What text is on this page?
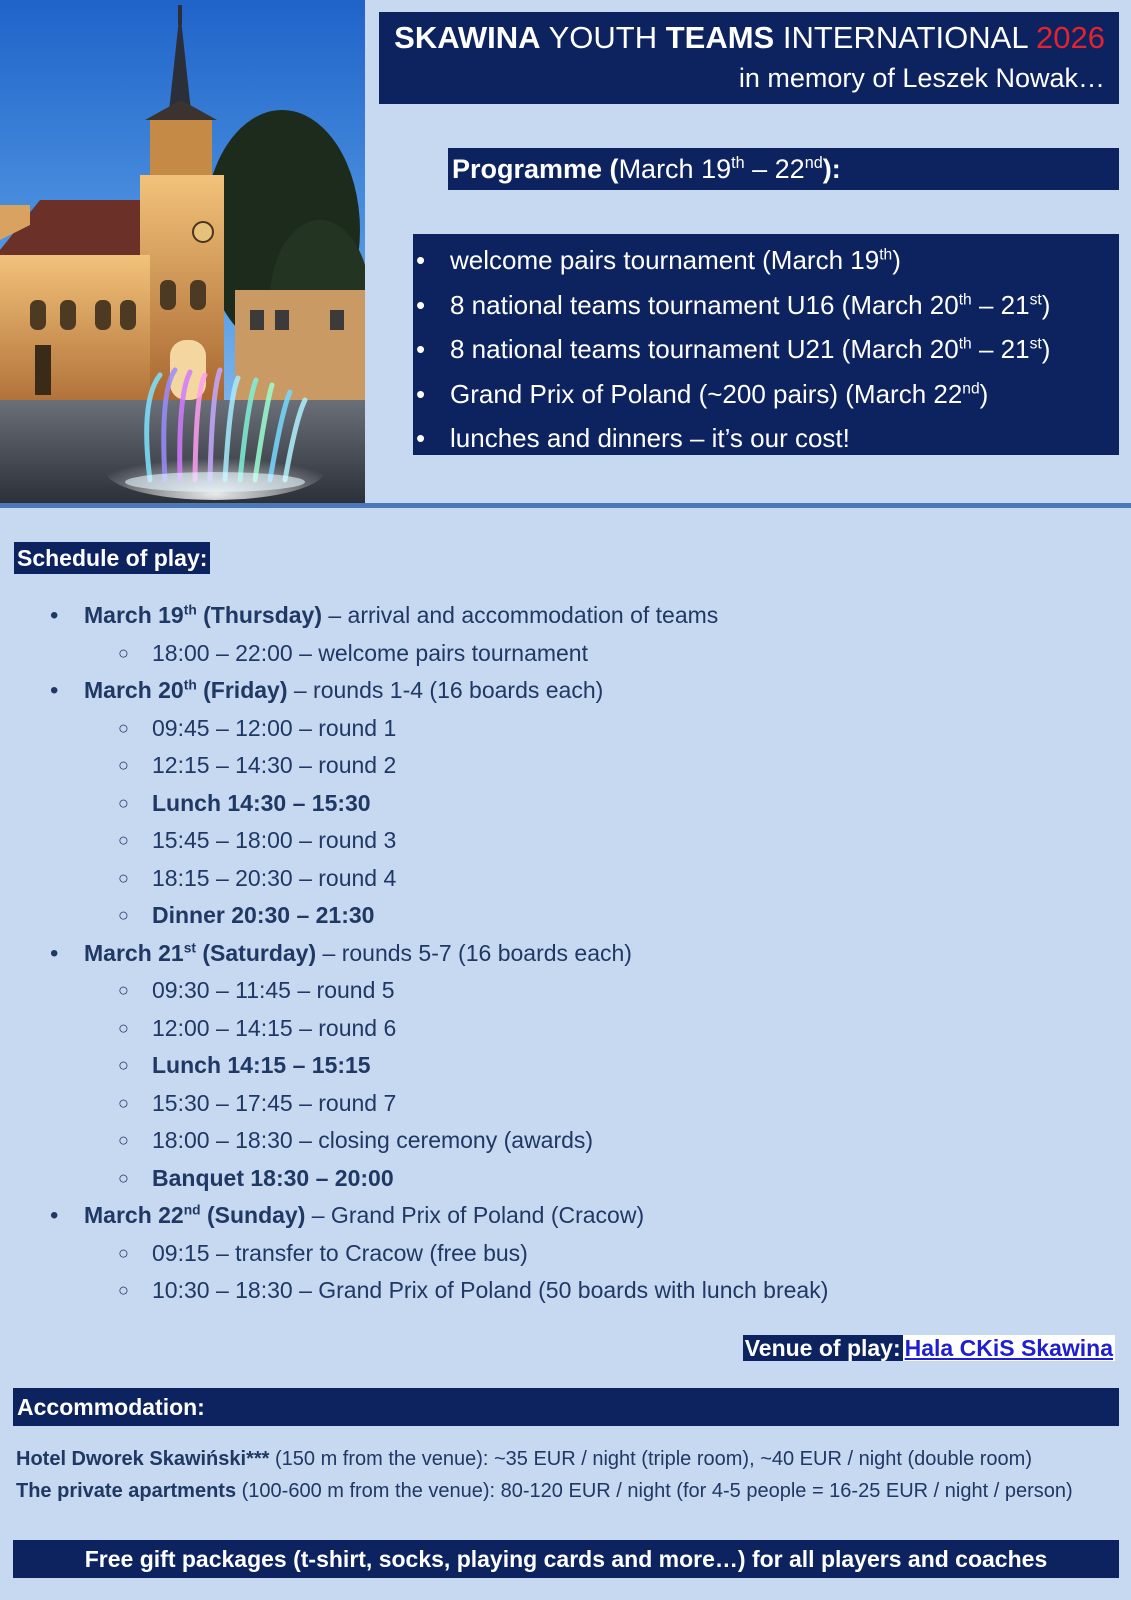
SKAWINA YOUTH TEAMS INTERNATIONAL 2026
in memory of Leszek Nowak…
Programme (March 19th – 22nd):
• welcome pairs tournament (March 19th)
• 8 national teams tournament U16 (March 20th – 21st)
• 8 national teams tournament U21 (March 20th – 21st)
• Grand Prix of Poland (~200 pairs) (March 22nd)
• lunches and dinners – it’s our cost!
Schedule of play:
• March 19th (Thursday) – arrival and accommodation of teams
○ 18:00 – 22:00 – welcome pairs tournament
• March 20th (Friday) – rounds 1-4 (16 boards each)
○ 09:45 – 12:00 – round 1
○ 12:15 – 14:30 – round 2
○ Lunch 14:30 – 15:30
○ 15:45 – 18:00 – round 3
○ 18:15 – 20:30 – round 4
○ Dinner 20:30 – 21:30
• March 21st (Saturday) – rounds 5-7 (16 boards each)
○ 09:30 – 11:45 – round 5
○ 12:00 – 14:15 – round 6
○ Lunch 14:15 – 15:15
○ 15:30 – 17:45 – round 7
○ 18:00 – 18:30 – closing ceremony (awards)
○ Banquet 18:30 – 20:00
• March 22nd (Sunday) – Grand Prix of Poland (Cracow)
○ 09:15 – transfer to Cracow (free bus)
○ 10:30 – 18:30 – Grand Prix of Poland (50 boards with lunch break)
Venue of play: Hala CKiS Skawina
Accommodation:
Hotel Dworek Skawiński*** (150 m from the venue): ~35 EUR / night (triple room), ~40 EUR / night (double room)
The private apartments (100-600 m from the venue): 80-120 EUR / night (for 4-5 people = 16-25 EUR / night / person)
Free gift packages (t-shirt, socks, playing cards and more…) for all players and coaches
